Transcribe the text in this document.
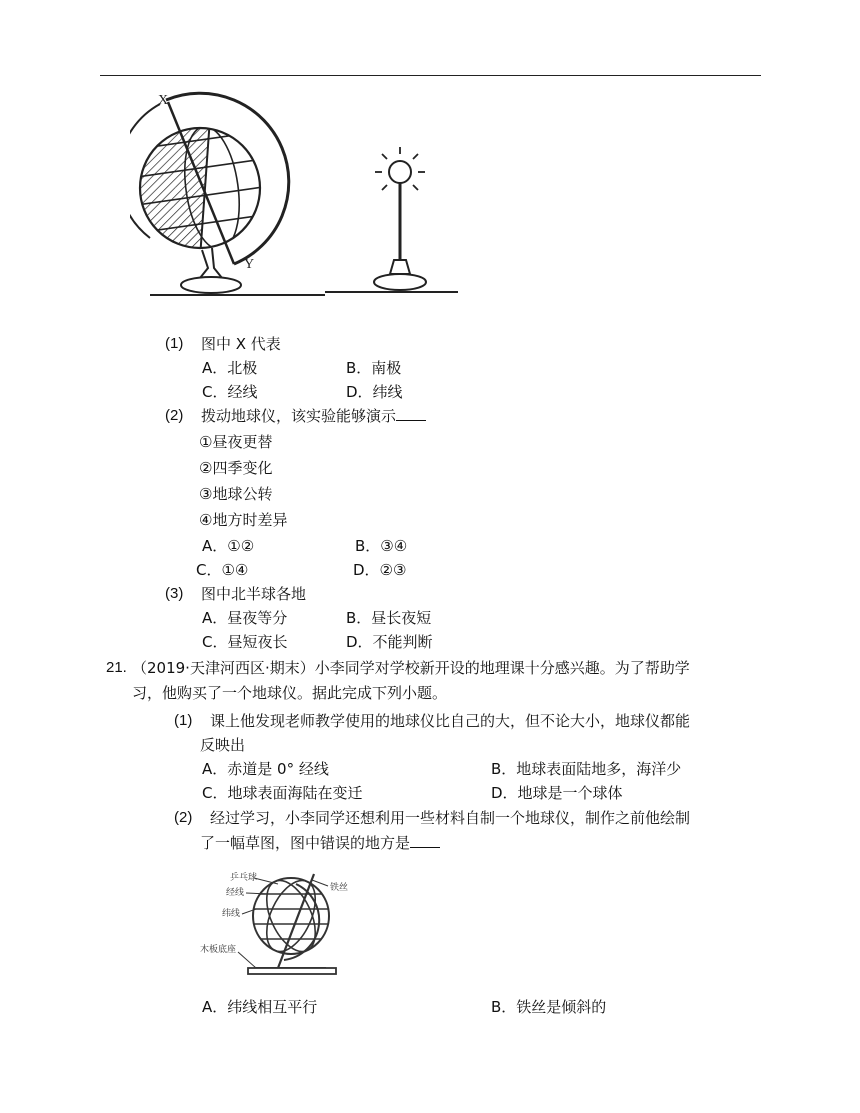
X
Y
(1) 图中 X 代表
A．北极	B．南极
C．经线	D．纬线
(2) 拨动地球仪，该实验能够演示
①昼夜更替
②四季变化
③地球公转
④地方时差异
A．①②	B．③④
C．①④	D．②③
(3) 图中北半球各地
A．昼夜等分	B．昼长夜短
C．昼短夜长	D．不能判断
21. （2019·天津河西区·期末）小李同学对学校新开设的地理课十分感兴趣。为了帮助学
习，他购买了一个地球仪。据此完成下列小题。
(1) 课上他发现老师教学使用的地球仪比自己的大，但不论大小，地球仪都能
反映出
A．赤道是 0° 经线	B．地球表面陆地多，海洋少
C．地球表面海陆在变迁	D．地球是一个球体
(2) 经过学习，小李同学还想利用一些材料自制一个地球仪，制作之前他绘制
了一幅草图，图中错误的地方是
乒乓球
经线
纬线
铁丝
木板底座
A．纬线相互平行	B．铁丝是倾斜的
